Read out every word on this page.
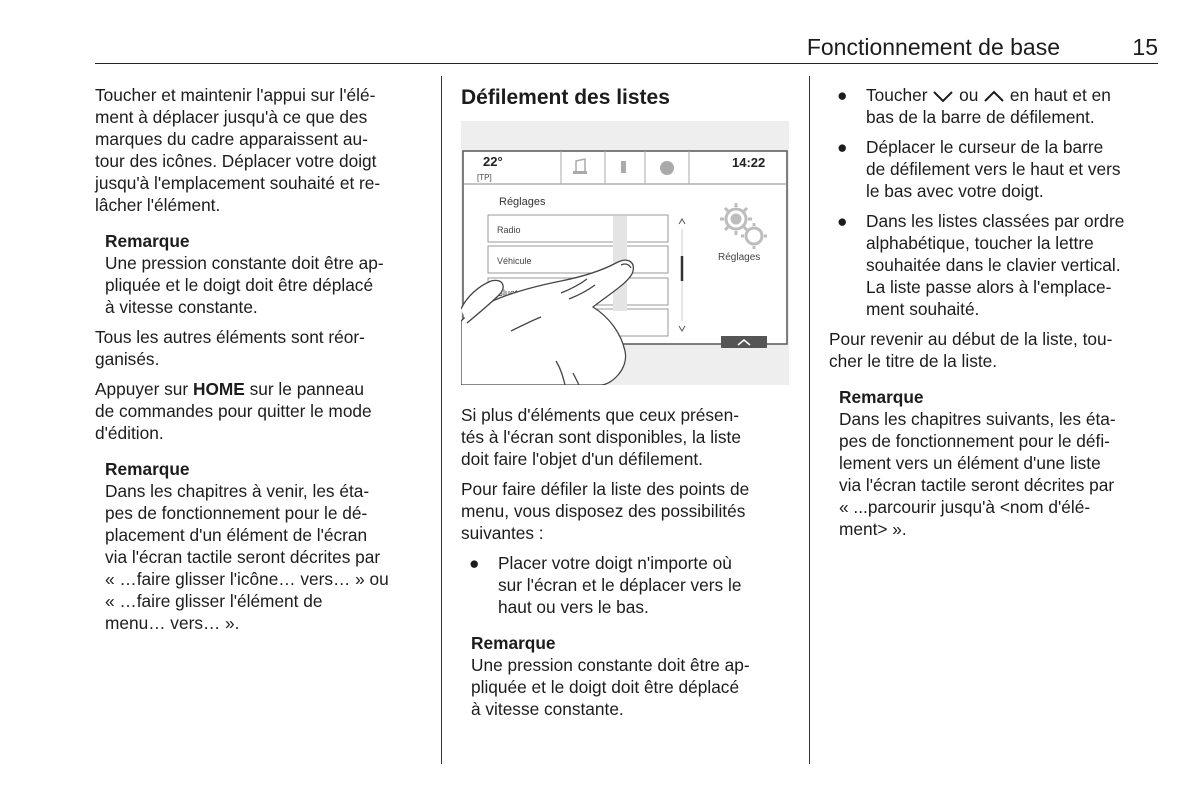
Fonctionnement de base	15

Toucher et maintenir l'appui sur l'élé-
ment à déplacer jusqu'à ce que des
marques du cadre apparaissent au-
tour des icônes. Déplacer votre doigt
jusqu'à l'emplacement souhaité et re-
lâcher l'élément.

Remarque
Une pression constante doit être ap-
pliquée et le doigt doit être déplacé
à vitesse constante.

Tous les autres éléments sont réor-
ganisés.

Appuyer sur HOME sur le panneau
de commandes pour quitter le mode
d'édition.

Remarque
Dans les chapitres à venir, les éta-
pes de fonctionnement pour le dé-
placement d'un élément de l'écran
via l'écran tactile seront décrites par
« …faire glisser l'icône… vers… » ou
« …faire glisser l'élément de
menu… vers… ».
Défilement des listes
22°
[TP]
14:22
Réglages
Radio
Véhicule	Réglages

Si plus d'éléments que ceux présen-
tés à l'écran sont disponibles, la liste
doit faire l'objet d'un défilement.

Pour faire défiler la liste des points de
menu, vous disposez des possibilités
suivantes :

● Placer votre doigt n'importe où
sur l'écran et le déplacer vers le
haut ou vers le bas.
Remarque
Une pression constante doit être ap-
pliquée et le doigt doit être déplacé
à vitesse constante.
● Toucher  ou  en haut et en
bas de la barre de défilement.
● Déplacer le curseur de la barre
de défilement vers le haut et vers
le bas avec votre doigt.
● Dans les listes classées par ordre
alphabétique, toucher la lettre
souhaitée dans le clavier vertical.
La liste passe alors à l'emplace-
ment souhaité.

Pour revenir au début de la liste, tou-
cher le titre de la liste.

Remarque
Dans les chapitres suivants, les éta-
pes de fonctionnement pour le défi-
lement vers un élément d'une liste
via l'écran tactile seront décrites par
« ...parcourir jusqu'à <nom d'élé-
ment> ».
